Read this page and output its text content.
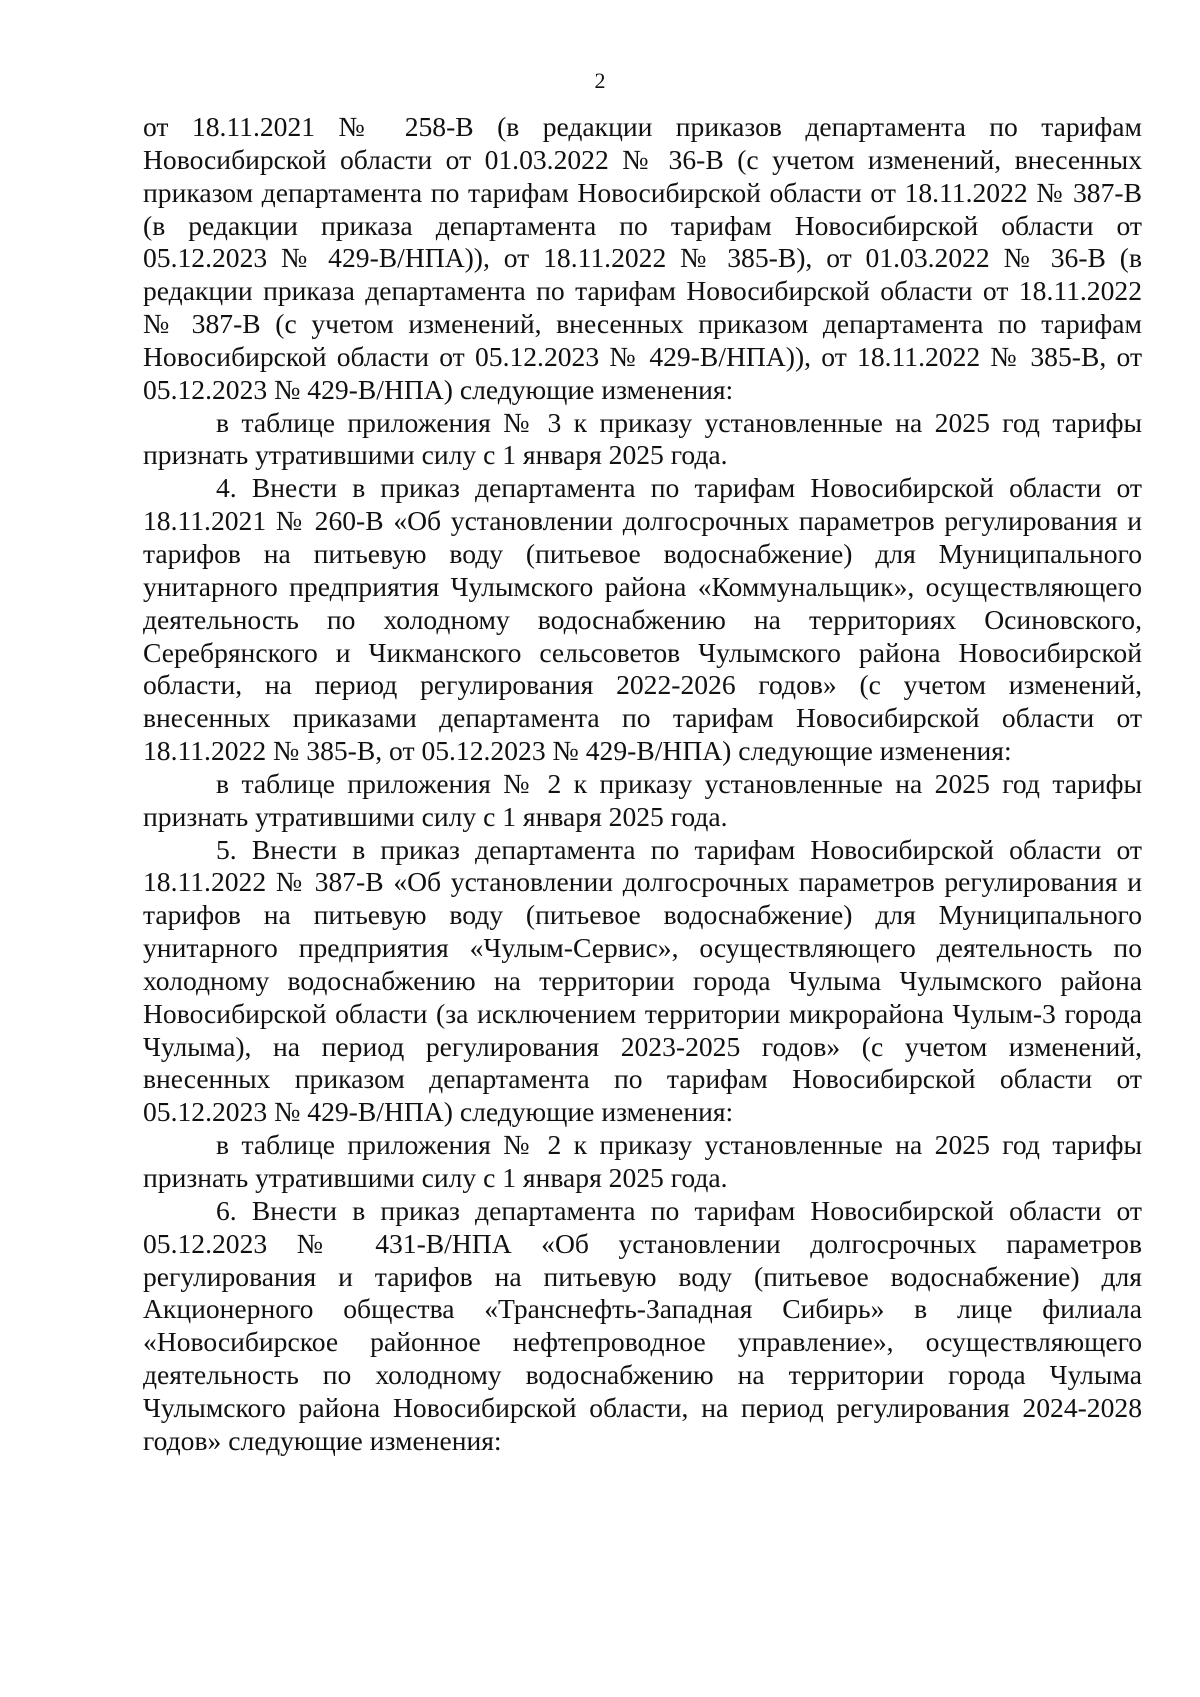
2

от 18.11.2021 № 258-В (в редакции приказов департамента по тарифам Новосибирской области от 01.03.2022 № 36-В (с учетом изменений, внесенных приказом департамента по тарифам Новосибирской области от 18.11.2022 № 387-В (в редакции приказа департамента по тарифам Новосибирской области от 05.12.2023 № 429-В/НПА)), от 18.11.2022 № 385-В), от 01.03.2022 № 36-В (в редакции приказа департамента по тарифам Новосибирской области от 18.11.2022 № 387-В (с учетом изменений, внесенных приказом департамента по тарифам Новосибирской области от 05.12.2023 № 429-В/НПА)), от 18.11.2022 № 385-В, от 05.12.2023 № 429-В/НПА) следующие изменения:

в таблице приложения № 3 к приказу установленные на 2025 год тарифы признать утратившими силу с 1 января 2025 года.

4. Внести в приказ департамента по тарифам Новосибирской области от 18.11.2021 № 260-В «Об установлении долгосрочных параметров регулирования и тарифов на питьевую воду (питьевое водоснабжение) для Муниципального унитарного предприятия Чулымского района «Коммунальщик», осуществляющего деятельность по холодному водоснабжению на территориях Осиновского, Серебрянского и Чикманского сельсоветов Чулымского района Новосибирской области, на период регулирования 2022-2026 годов» (с учетом изменений, внесенных приказами департамента по тарифам Новосибирской области от 18.11.2022 № 385-В, от 05.12.2023 № 429-В/НПА) следующие изменения:

в таблице приложения № 2 к приказу установленные на 2025 год тарифы признать утратившими силу с 1 января 2025 года.

5. Внести в приказ департамента по тарифам Новосибирской области от 18.11.2022 № 387-В «Об установлении долгосрочных параметров регулирования и тарифов на питьевую воду (питьевое водоснабжение) для Муниципального унитарного предприятия «Чулым-Сервис», осуществляющего деятельность по холодному водоснабжению на территории города Чулыма Чулымского района Новосибирской области (за исключением территории микрорайона Чулым-3 города Чулыма), на период регулирования 2023-2025 годов» (с учетом изменений, внесенных приказом департамента по тарифам Новосибирской области от 05.12.2023 № 429-В/НПА) следующие изменения:

в таблице приложения № 2 к приказу установленные на 2025 год тарифы признать утратившими силу с 1 января 2025 года.

6. Внести в приказ департамента по тарифам Новосибирской области от 05.12.2023 № 431-В/НПА «Об установлении долгосрочных параметров регулирования и тарифов на питьевую воду (питьевое водоснабжение) для Акционерного общества «Транснефть-Западная Сибирь» в лице филиала «Новосибирское районное нефтепроводное управление», осуществляющего деятельность по холодному водоснабжению на территории города Чулыма Чулымского района Новосибирской области, на период регулирования 2024-2028 годов» следующие изменения:
